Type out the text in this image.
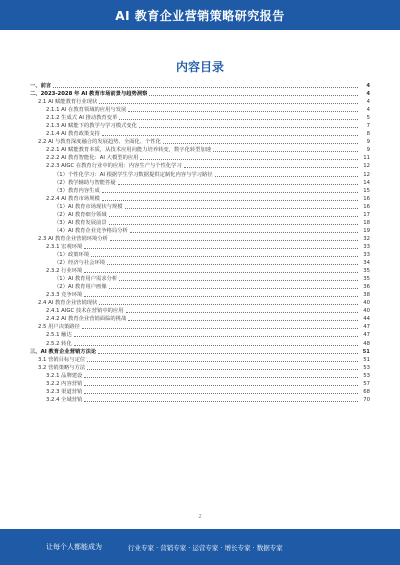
AI 教育企业营销策略研究报告
内容目录
一、前言	4
二、2023-2028 年 AI 教育市场前景与趋势洞察	4
2.1 AI 赋能教育行业现状	4
2.1.1 AI 在教育领域的应用与发展	4
2.1.2 生成式 AI 推动教育变革	5
2.1.3 AI 赋能下的教学与学习模式变化	7
2.1.4 AI 教育政策支持	8
2.2 AI 与教育深度融合的发展趋势、全面化、个性化	9
2.2.1 AI 赋能教育本质，从技术应用向能力培养转变，数字化转型加速	9
2.2.2 AI 教育智能化：AI 大模型的应用	11
2.2.3 AIGC 在教育行业中的应用：内容生产与个性化学习	12
（1）个性化学习：AI 根据学生学习数据提供定制化内容与学习路径	12
（2）教学辅助与智能答疑	14
（3）教育内容生成	15
2.2.4 AI 教育市场规模	16
（1）AI 教育市场现状与规模	16
（2）AI 教育细分领域	17
（3）AI 教育发展前景	18
（4）AI 教育企业竞争格局分析	19
2.3 AI 教育企业营销环境分析	32
2.3.1 宏观环境	33
（1）政策环境	33
（2）经济与社会环境	34
2.3.2 行业环境	35
（1）AI 教育用户需求分析	35
（2）AI 教育用户画像	36
2.3.3 竞争环境	38
2.4 AI 教育企业营销现状	40
2.4.1 AIGC 技术在营销中的应用	40
2.4.2 AI 教育企业营销面临的挑战	44
2.5 用户决策路径	47
2.5.1 触达	47
2.5.2 转化	48
三、AI 教育企业营销方法论	51
3.1 营销目标与定位	51
3.2 营销策略与方法	53
3.2.1 品牌建设	53
3.2.2 内容营销	57
3.2.3 渠道营销	68
3.2.4 全域营销	70
2
让每个人都能成为	行业专家 · 营销专家 · 运营专家 · 增长专家 · 数据专家
